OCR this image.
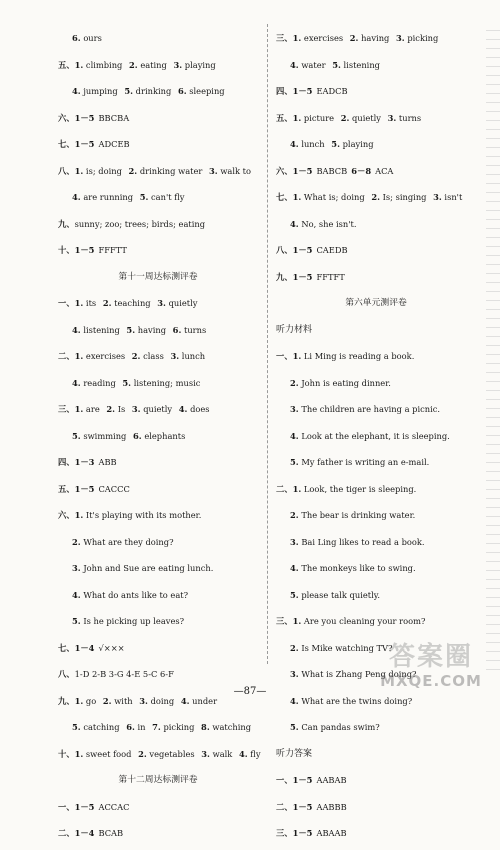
6. ours
五、1. climbing 2. eating 3. playing
4. jumping 5. drinking 6. sleeping
六、1－5 BBCBA
七、1－5 ADCEB
八、1. is; doing 2. drinking water 3. walk to
4. are running 5. can't fly
九、sunny; zoo; trees; birds; eating
十、1－5 FFFTT
第十一周达标测评卷
一、1. its 2. teaching 3. quietly
4. listening 5. having 6. turns
二、1. exercises 2. class 3. lunch
4. reading 5. listening; music
三、1. are 2. Is 3. quietly 4. does
5. swimming 6. elephants
四、1－3 ABB
五、1－5 CACCC
六、1. It's playing with its mother.
2. What are they doing?
3. John and Sue are eating lunch.
4. What do ants like to eat?
5. Is he picking up leaves?
七、1－4 √×××
八、1-D 2-B 3-G 4-E 5-C 6-F
九、1. go 2. with 3. doing 4. under
5. catching 6. in 7. picking 8. watching
十、1. sweet food 2. vegetables 3. walk 4. fly
第十二周达标测评卷
一、1－5 ACCAC
二、1－4 BCAB
三、1. exercises 2. having 3. picking
4. water 5. listening
四、1－5 EADCB
五、1. picture 2. quietly 3. turns
4. lunch 5. playing
六、1－5 BABCB 6－8 ACA
七、1. What is; doing 2. Is; singing 3. isn't
4. No, she isn't.
八、1－5 CAEDB
九、1－5 FFTFT
第六单元测评卷
听力材料
一、1. Li Ming is reading a book.
2. John is eating dinner.
3. The children are having a picnic.
4. Look at the elephant, it is sleeping.
5. My father is writing an e-mail.
二、1. Look, the tiger is sleeping.
2. The bear is drinking water.
3. Bai Ling likes to read a book.
4. The monkeys like to swing.
5. please talk quietly.
三、1. Are you cleaning your room?
2. Is Mike watching TV?
3. What is Zhang Peng doing?
4. What are the twins doing?
5. Can pandas swim?
听力答案
一、1－5 AABAB
二、1－5 AABBB
三、1－5 ABAAB
—87—
答案圈
MXQE.COM
